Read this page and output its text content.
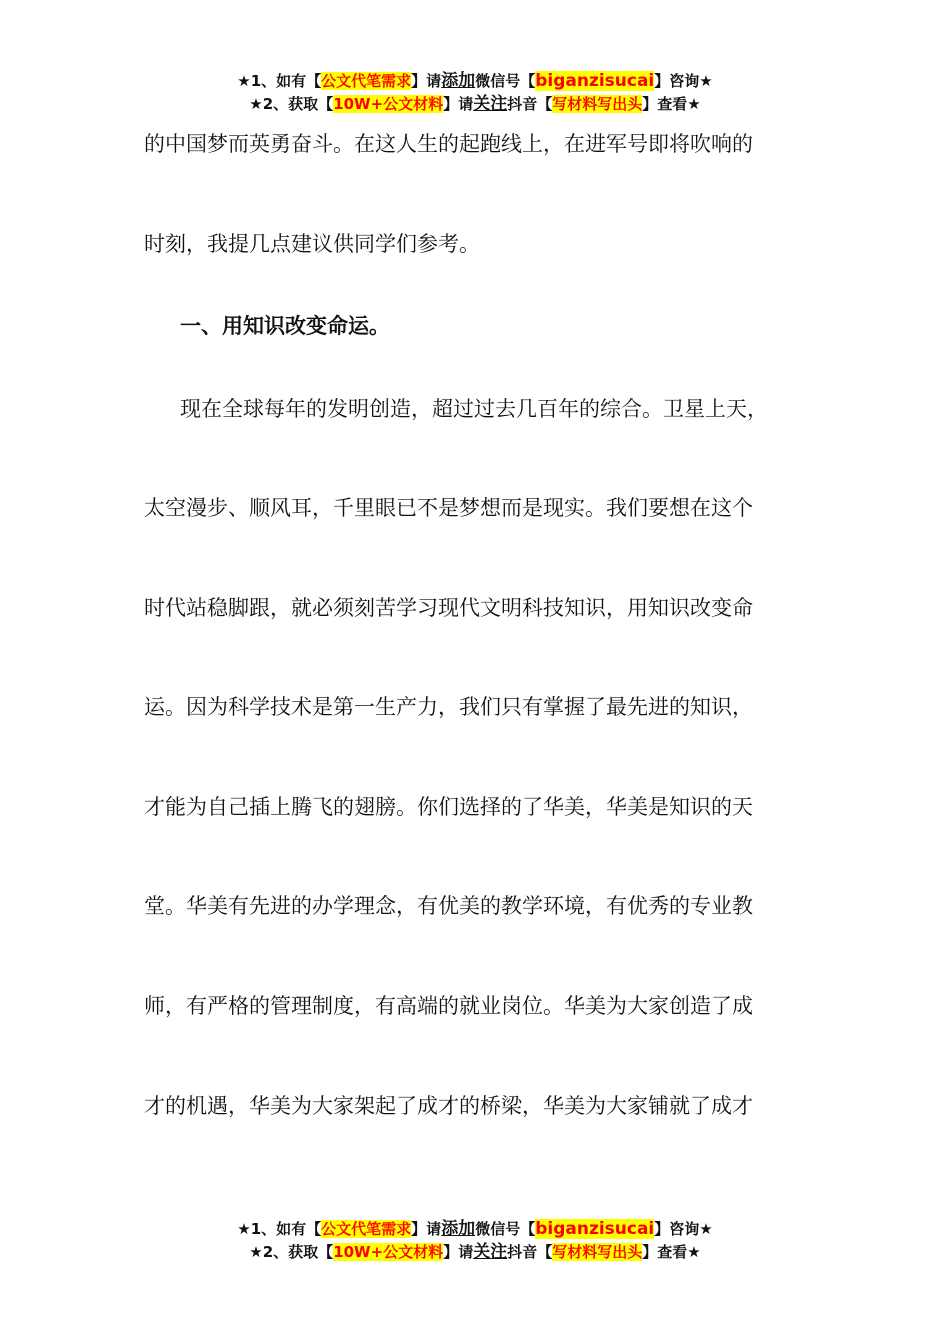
★1、如有【公文代笔需求】请添加微信号【biganzisucai】咨询★
★2、获取【10W+公文材料】请关注抖音【写材料写出头】查看★
的中国梦而英勇奋斗。在这人生的起跑线上，在进军号即将吹响的
时刻，我提几点建议供同学们参考。
一、用知识改变命运。
现在全球每年的发明创造，超过过去几百年的综合。卫星上天，
太空漫步、顺风耳，千里眼已不是梦想而是现实。我们要想在这个
时代站稳脚跟，就必须刻苦学习现代文明科技知识，用知识改变命
运。因为科学技术是第一生产力，我们只有掌握了最先进的知识，
才能为自己插上腾飞的翅膀。你们选择的了华美，华美是知识的天
堂。华美有先进的办学理念，有优美的教学环境，有优秀的专业教
师，有严格的管理制度，有高端的就业岗位。华美为大家创造了成
才的机遇，华美为大家架起了成才的桥梁，华美为大家铺就了成才
★1、如有【公文代笔需求】请添加微信号【biganzisucai】咨询★
★2、获取【10W+公文材料】请关注抖音【写材料写出头】查看★
